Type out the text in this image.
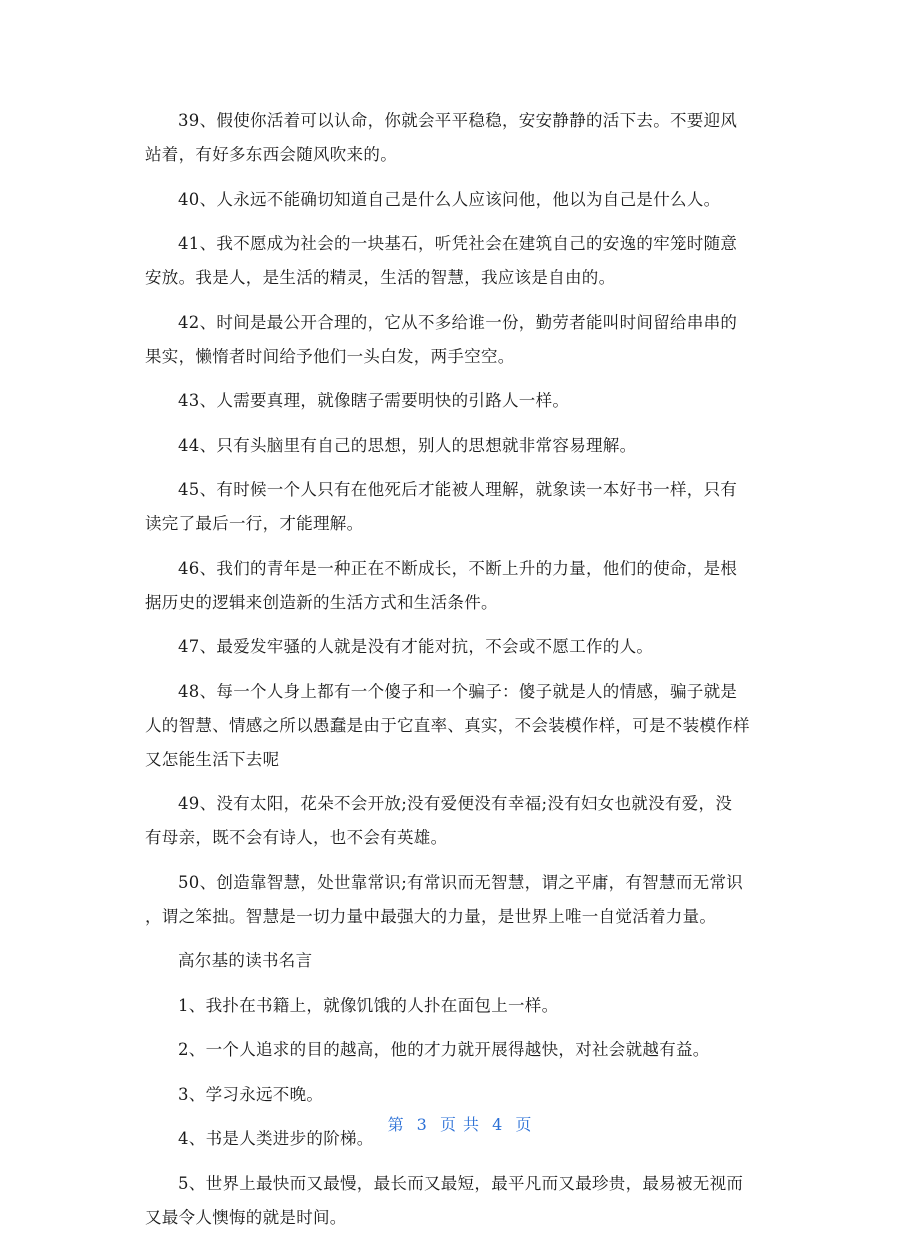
39、假使你活着可以认命，你就会平平稳稳，安安静静的活下去。不要迎风
站着，有好多东西会随风吹来的。

40、人永远不能确切知道自己是什么人应该问他，他以为自己是什么人。

41、我不愿成为社会的一块基石，听凭社会在建筑自己的安逸的牢笼时随意
安放。我是人，是生活的精灵，生活的智慧，我应该是自由的。

42、时间是最公开合理的，它从不多给谁一份，勤劳者能叫时间留给串串的
果实，懒惰者时间给予他们一头白发，两手空空。

43、人需要真理，就像瞎子需要明快的引路人一样。

44、只有头脑里有自己的思想，别人的思想就非常容易理解。

45、有时候一个人只有在他死后才能被人理解，就象读一本好书一样，只有
读完了最后一行，才能理解。

46、我们的青年是一种正在不断成长，不断上升的力量，他们的使命，是根
据历史的逻辑来创造新的生活方式和生活条件。

47、最爱发牢骚的人就是没有才能对抗，不会或不愿工作的人。

48、每一个人身上都有一个傻子和一个骗子：傻子就是人的情感，骗子就是
人的智慧、情感之所以愚蠢是由于它直率、真实，不会装模作样，可是不装模作样
又怎能生活下去呢

49、没有太阳，花朵不会开放;没有爱便没有幸福;没有妇女也就没有爱，没
有母亲，既不会有诗人，也不会有英雄。

50、创造靠智慧，处世靠常识;有常识而无智慧，谓之平庸，有智慧而无常识
，谓之笨拙。智慧是一切力量中最强大的力量，是世界上唯一自觉活着力量。

高尔基的读书名言

1、我扑在书籍上，就像饥饿的人扑在面包上一样。

2、一个人追求的目的越高，他的才力就开展得越快，对社会就越有益。

3、学习永远不晚。

4、书是人类进步的阶梯。

5、世界上最快而又最慢，最长而又最短，最平凡而又最珍贵，最易被无视而
又最令人懊悔的就是时间。

第 3 页 共 4 页
